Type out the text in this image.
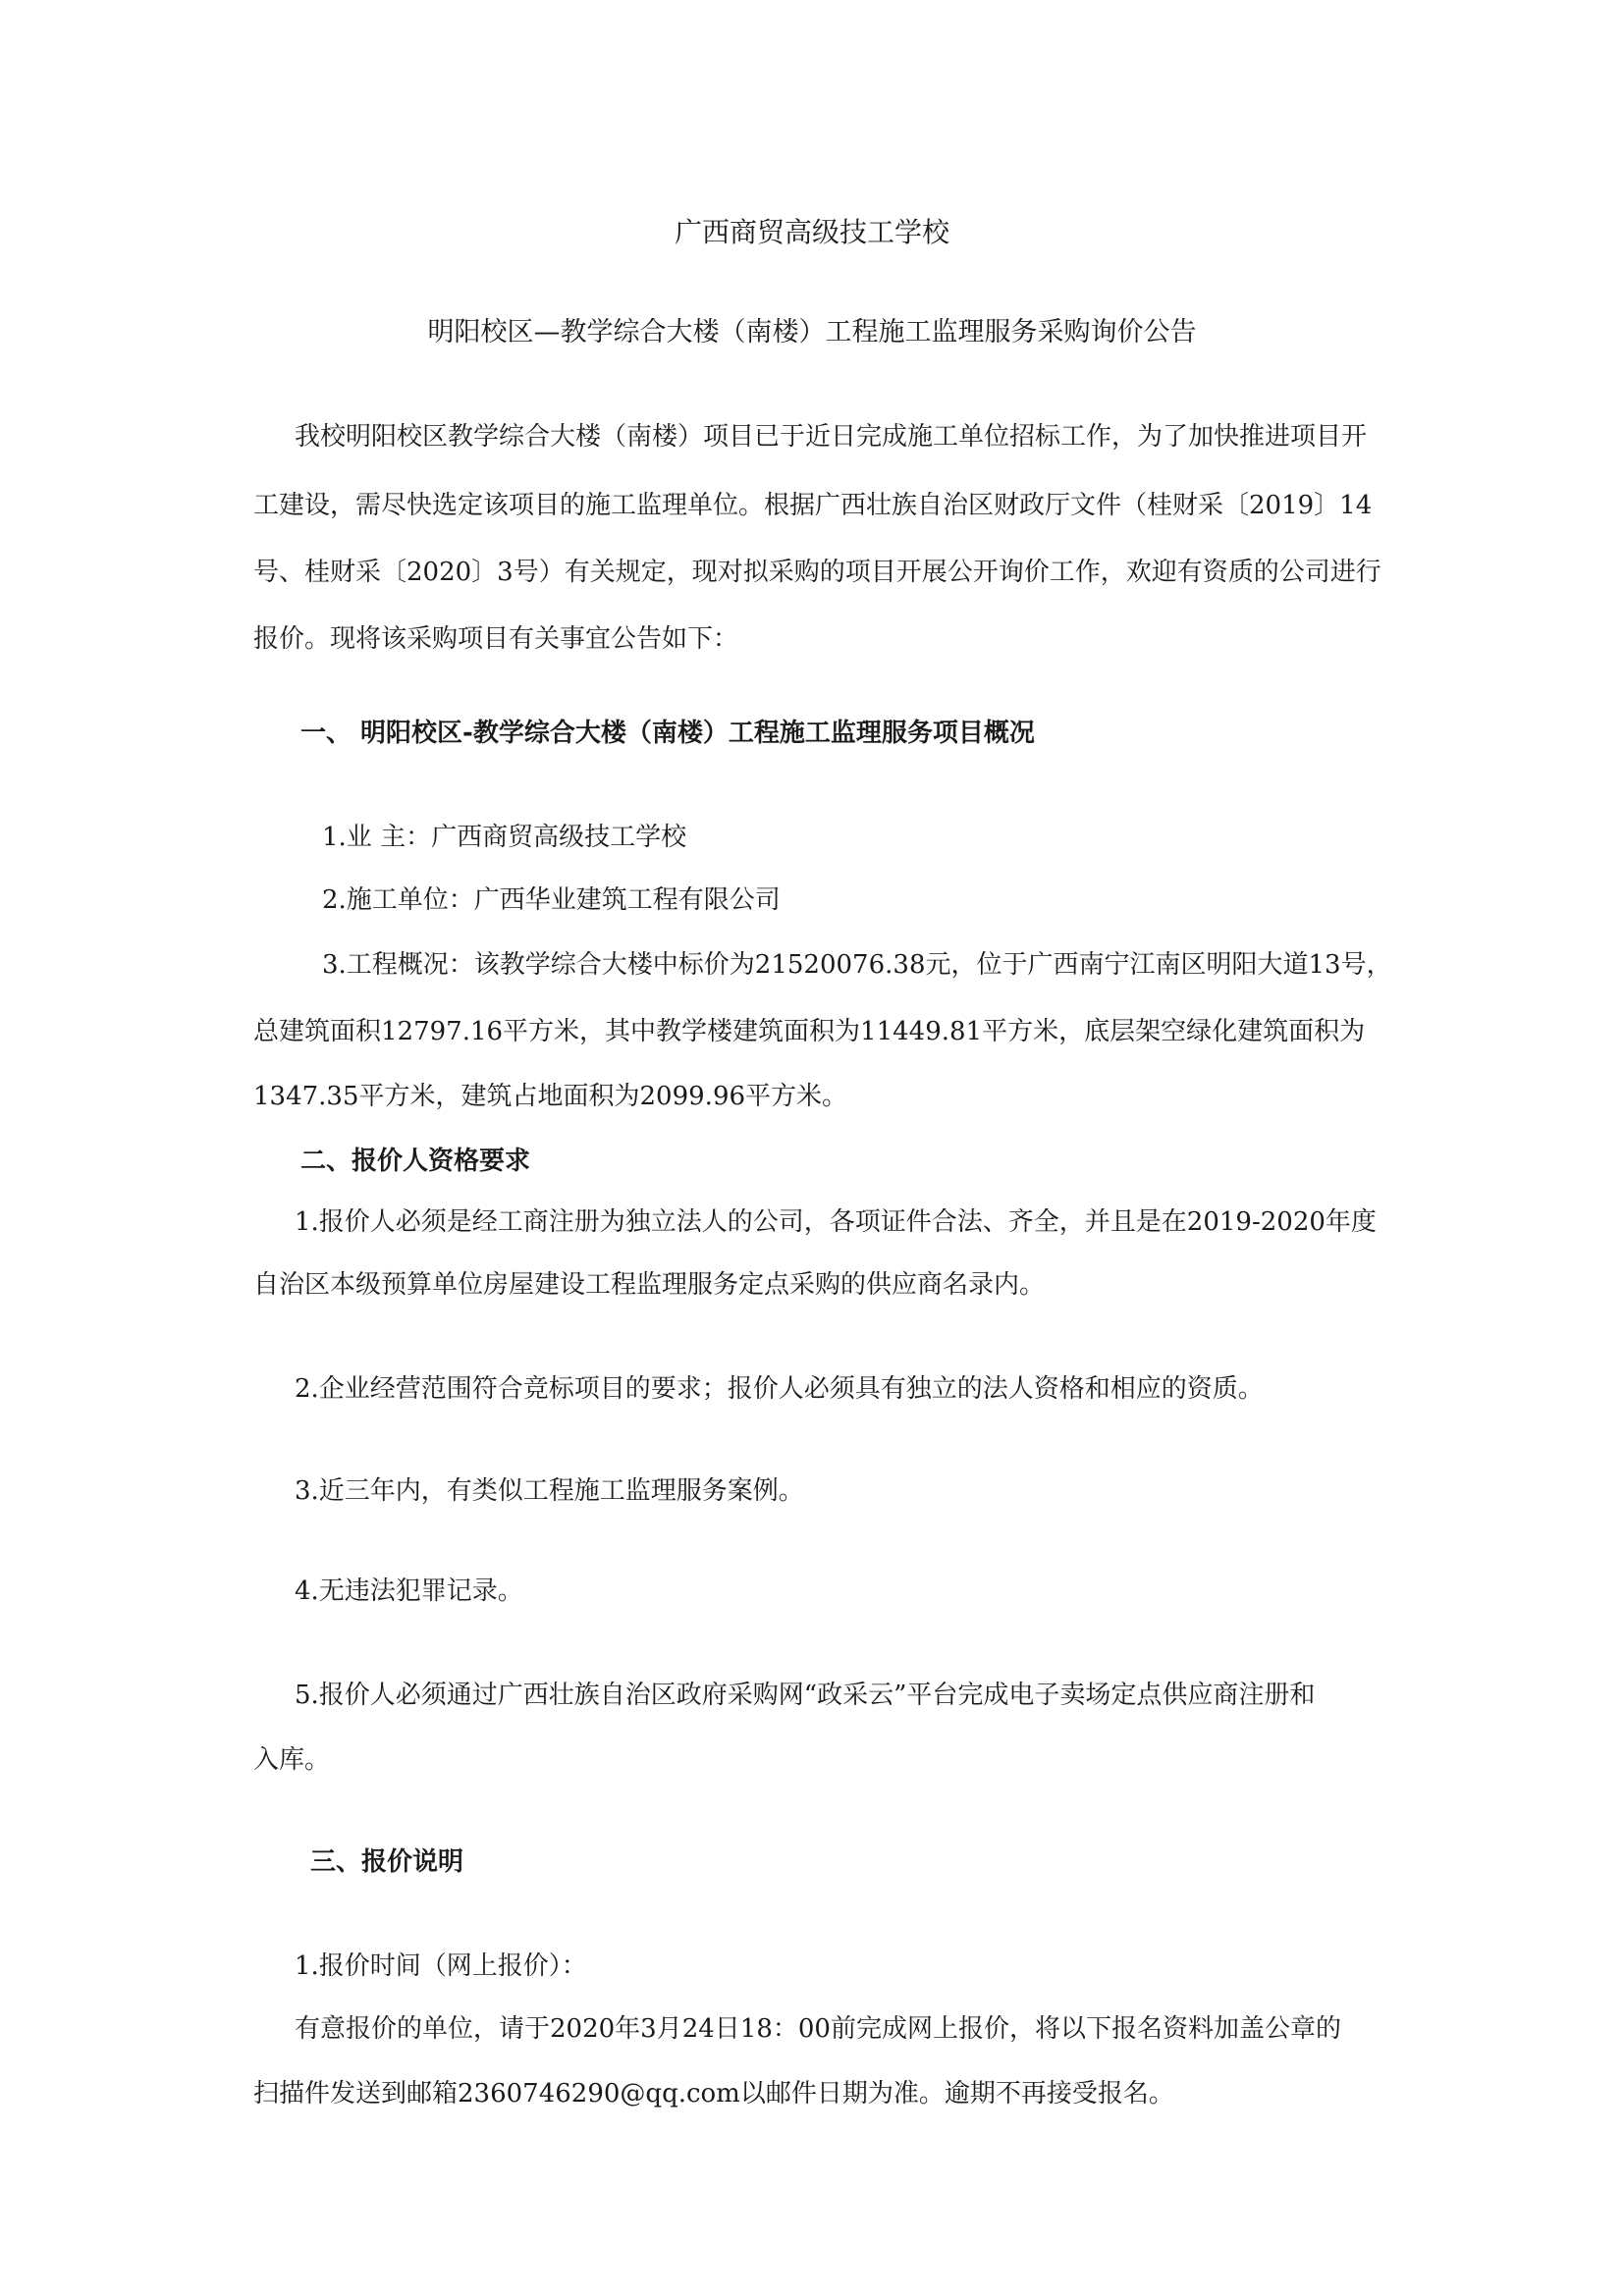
广西商贸高级技工学校
明阳校区—教学综合大楼（南楼）工程施工监理服务采购询价公告
我校明阳校区教学综合大楼（南楼）项目已于近日完成施工单位招标工作，为了加快推进项目开
工建设，需尽快选定该项目的施工监理单位。根据广西壮族自治区财政厅文件（桂财采〔2019〕14
号、桂财采〔2020〕3号）有关规定，现对拟采购的项目开展公开询价工作，欢迎有资质的公司进行
报价。现将该采购项目有关事宜公告如下：
一、 明阳校区-教学综合大楼（南楼）工程施工监理服务项目概况
1.业 主：广西商贸高级技工学校
2.施工单位：广西华业建筑工程有限公司
3.工程概况：该教学综合大楼中标价为21520076.38元，位于广西南宁江南区明阳大道13号，
总建筑面积12797.16平方米，其中教学楼建筑面积为11449.81平方米，底层架空绿化建筑面积为
1347.35平方米，建筑占地面积为2099.96平方米。
二、报价人资格要求
1.报价人必须是经工商注册为独立法人的公司，各项证件合法、齐全，并且是在2019-2020年度
自治区本级预算单位房屋建设工程监理服务定点采购的供应商名录内。
2.企业经营范围符合竞标项目的要求；报价人必须具有独立的法人资格和相应的资质。
3.近三年内，有类似工程施工监理服务案例。
4.无违法犯罪记录。
5.报价人必须通过广西壮族自治区政府采购网“政采云”平台完成电子卖场定点供应商注册和
入库。
三、报价说明
1.报价时间（网上报价）：
有意报价的单位，请于2020年3月24日18：00前完成网上报价，将以下报名资料加盖公章的
扫描件发送到邮箱2360746290@qq.com以邮件日期为准。逾期不再接受报名。
